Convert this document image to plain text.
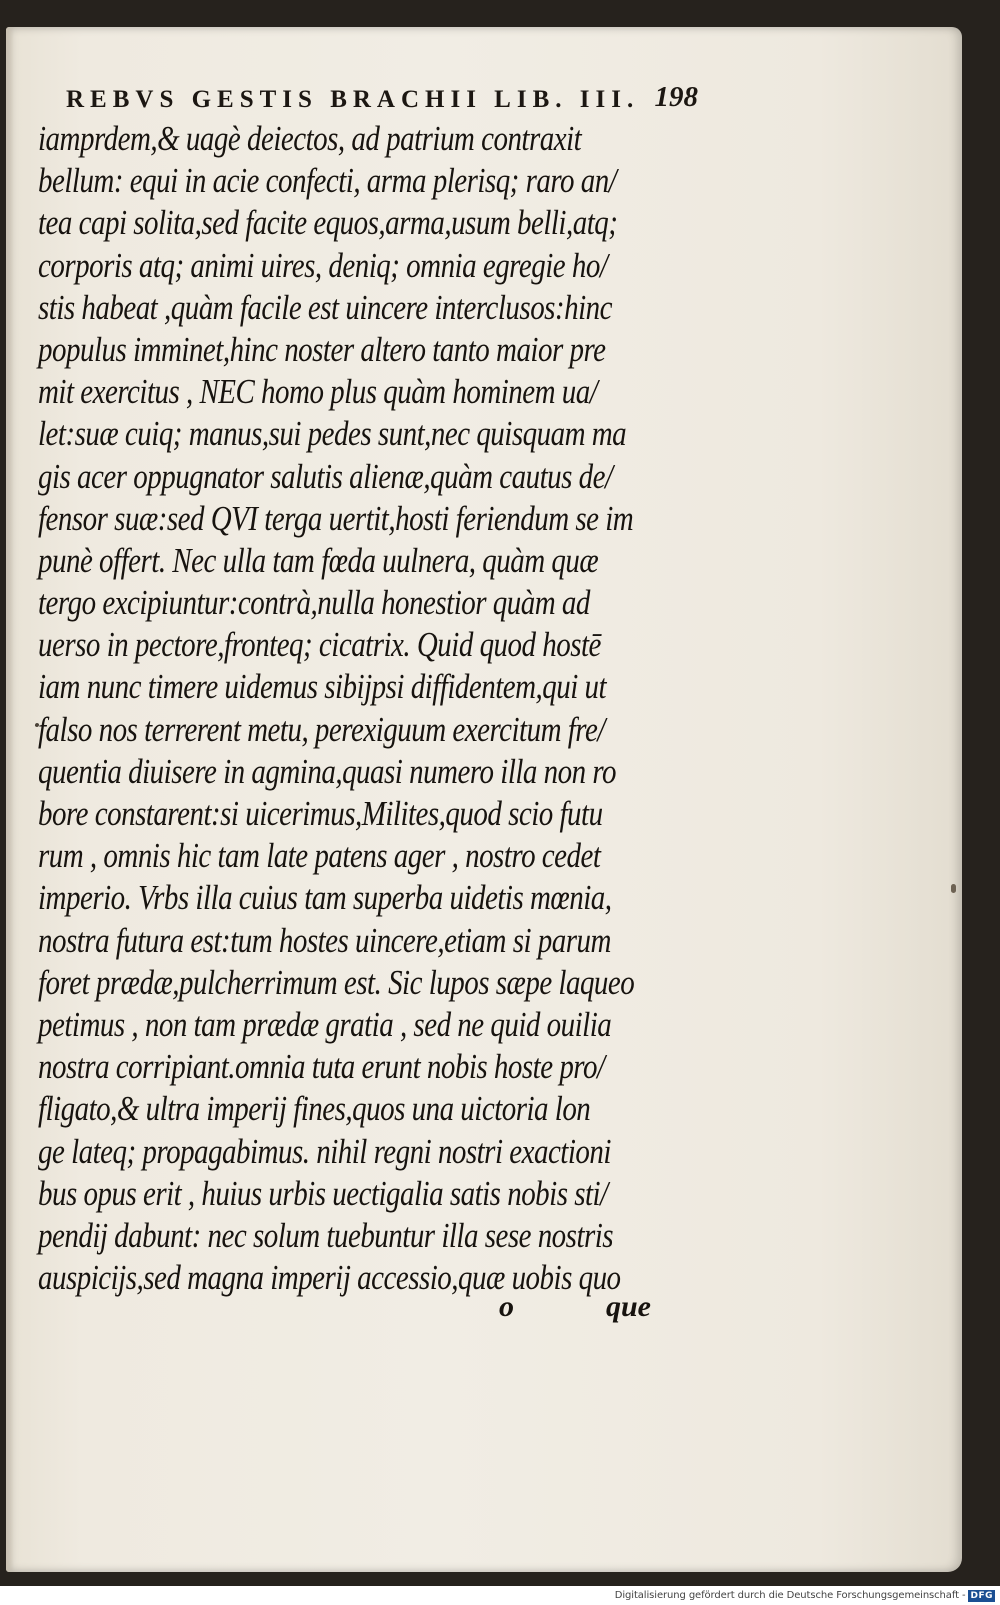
REBVS GESTIS BRACHII LIB. III. 198
iamprdem,& uagè deiectos, ad patrium contraxit
bellum: equi in acie confecti, arma plerisq; raro an/
tea capi solita,sed facite equos,arma,usum belli,atq;
corporis atq; animi uires, deniq; omnia egregie ho/
stis habeat ,quàm facile est uincere interclusos:hinc
populus imminet,hinc noster altero tanto maior pre
mit exercitus , NEC homo plus quàm hominem ua/
let:suæ cuiq; manus,sui pedes sunt,nec quisquam ma
gis acer oppugnator salutis alienæ,quàm cautus de/
fensor suæ:sed QVI terga uertit,hosti feriendum se im
punè offert. Nec ulla tam fœda uulnera, quàm quæ
tergo excipiuntur:contrà,nulla honestior quàm ad
uerso in pectore,fronteq; cicatrix. Quid quod hostē
iam nunc timere uidemus sibijpsi diffidentem,qui ut
falso nos terrerent metu, perexiguum exercitum fre/
quentia diuisere in agmina,quasi numero illa non ro
bore constarent:si uicerimus,Milites,quod scio futu
rum , omnis hic tam late patens ager , nostro cedet
imperio. Vrbs illa cuius tam superba uidetis mœnia,
nostra futura est:tum hostes uincere,etiam si parum
foret prædæ,pulcherrimum est. Sic lupos sæpe laqueo
petimus , non tam prædæ gratia , sed ne quid ouilia
nostra corripiant.omnia tuta erunt nobis hoste pro/
fligato,& ultra imperij fines,quos una uictoria lon
ge lateq; propagabimus. nihil regni nostri exactioni
bus opus erit , huius urbis uectigalia satis nobis sti/
pendij dabunt: nec solum tuebuntur illa sese nostris
auspicijs,sed magna imperij accessio,quæ uobis quo
o	que
Digitalisierung gefördert durch die Deutsche Forschungsgemeinschaft - DFG
